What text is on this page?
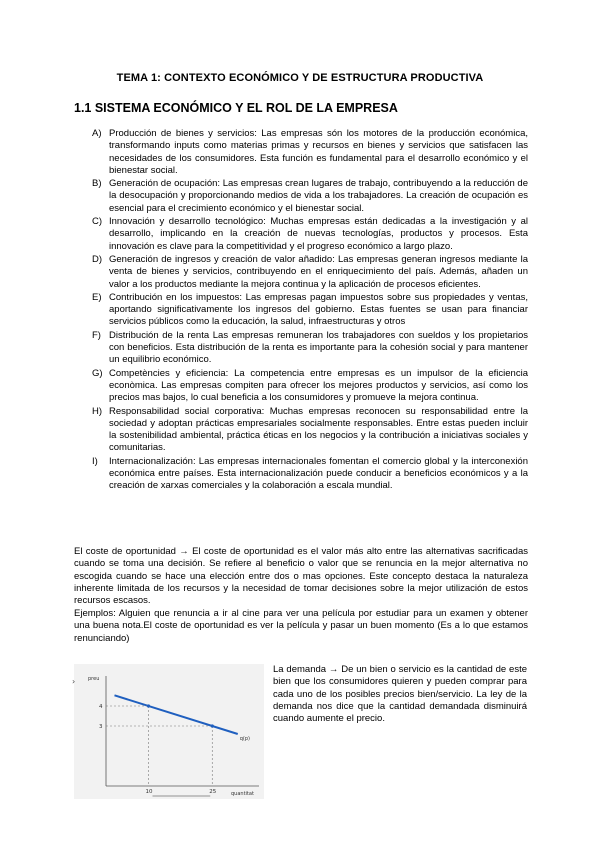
TEMA 1: CONTEXTO ECONÓMICO Y DE ESTRUCTURA PRODUCTIVA
1.1 SISTEMA ECONÓMICO Y EL ROL DE LA EMPRESA
A) Producción de bienes y servicios: Las empresas són los motores de la producción económica, transformando inputs como materias primas y recursos en bienes y servicios que satisfacen las necesidades de los consumidores. Esta función es fundamental para el desarrollo económico y el bienestar social.
B) Generación de ocupación: Las empresas crean lugares de trabajo, contribuyendo a la reducción de la desocupación y proporcionando medios de vida a los trabajadores. La creación de ocupación es esencial para el crecimiento económico y el bienestar social.
C) Innovación y desarrollo tecnológico: Muchas empresas están dedicadas a la investigación y al desarrollo, implicando en la creación de nuevas tecnologías, productos y procesos. Esta innovación es clave para la competitividad y el progreso económico a largo plazo.
D) Generación de ingresos y creación de valor añadido: Las empresas generan ingresos mediante la venta de bienes y servicios, contribuyendo en el enriquecimiento del país. Además, añaden un valor a los productos mediante la mejora continua y la aplicación de procesos eficientes.
E) Contribución en los impuestos: Las empresas pagan impuestos sobre sus propiedades y ventas, aportando significativamente los ingresos del gobierno. Estas fuentes se usan para financiar servicios públicos como la educación, la salud, infraestructuras y otros
F) Distribución de la renta Las empresas remuneran los trabajadores con sueldos y los propietarios con beneficios. Esta distribución de la renta es importante para la cohesión social y para mantener un equilibrio económico.
G) Competències y eficiencia: La competencia entre empresas es un impulsor de la eficiencia econòmica. Las empresas compiten para ofrecer los mejores productos y servicios, así como los precios mas bajos, lo cual beneficia a los consumidores y promueve la mejora continua.
H) Responsabilidad social corporativa: Muchas empresas reconocen su responsabilidad entre la sociedad y adoptan prácticas empresariales socialmente responsables. Entre estas pueden incluir la sostenibilidad ambiental, práctica éticas en los negocios y la contribución a iniciativas sociales y comunitarias.
I) Internacionalización: Las empresas internacionales fomentan el comercio global y la interconexión económica entre países. Esta internacionalización puede conducir a beneficios económicos y a la creación de xarxas comerciales y la colaboración a escala mundial.
El coste de oportunidad → El coste de oportunidad es el valor más alto entre las alternativas sacrificadas cuando se toma una decisión. Se refiere al beneficio o valor que se renuncia en la mejor alternativa no escogida cuando se hace una elección entre dos o mas opciones. Este concepto destaca la naturaleza inherente limitada de los recursos y la necesidad de tomar decisiones sobre la mejor utilización de estos recursos escasos.
Ejemplos: Alguien que renuncia a ir al cine para ver una película por estudiar para un examen y obtener una buena nota.El coste de oportunidad es ver la película y pasar un buen momento (Es a lo que estamos renunciando)
preu
quantitat
›
4
10
3
25
q(p)
La demanda → De un bien o servicio es la cantidad de este bien que los consumidores quieren y pueden comprar para cada uno de los posibles precios bien/servicio. La ley de la demanda nos dice que la cantidad demandada disminuirá cuando aumente el precio.
